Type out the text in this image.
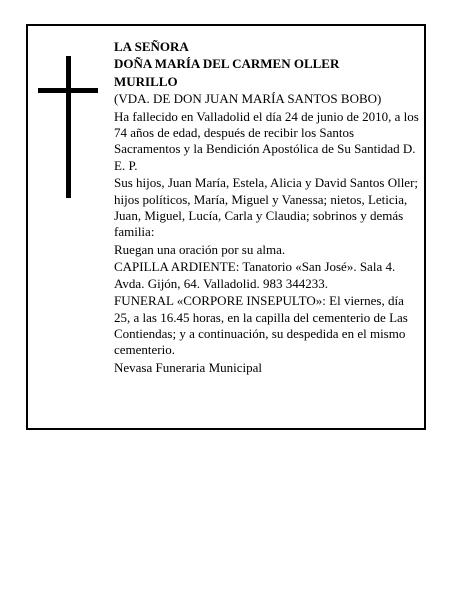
LA SEÑORA

DOÑA MARÍA DEL CARMEN OLLER

MURILLO

(VDA. DE DON JUAN MARÍA SANTOS BOBO)

Ha fallecido en Valladolid el día 24 de junio de 2010, a los 74 años de edad, después de recibir los Santos Sacramentos y la Bendición Apostólica de Su Santidad D. E. P.

Sus hijos, Juan María, Estela, Alicia y David Santos Oller; hijos políticos, María, Miguel y Vanessa; nietos, Leticia, Juan, Miguel, Lucía, Carla y Claudia; sobrinos y demás familia:

Ruegan una oración por su alma.

CAPILLA ARDIENTE: Tanatorio «San José». Sala 4. Avda. Gijón, 64. Valladolid. 983 344233.

FUNERAL «CORPORE INSEPULTO»: El viernes, día 25, a las 16.45 horas, en la capilla del cementerio de Las Contiendas; y a continuación, su despedida en el mismo cementerio.

Nevasa Funeraria Municipal
